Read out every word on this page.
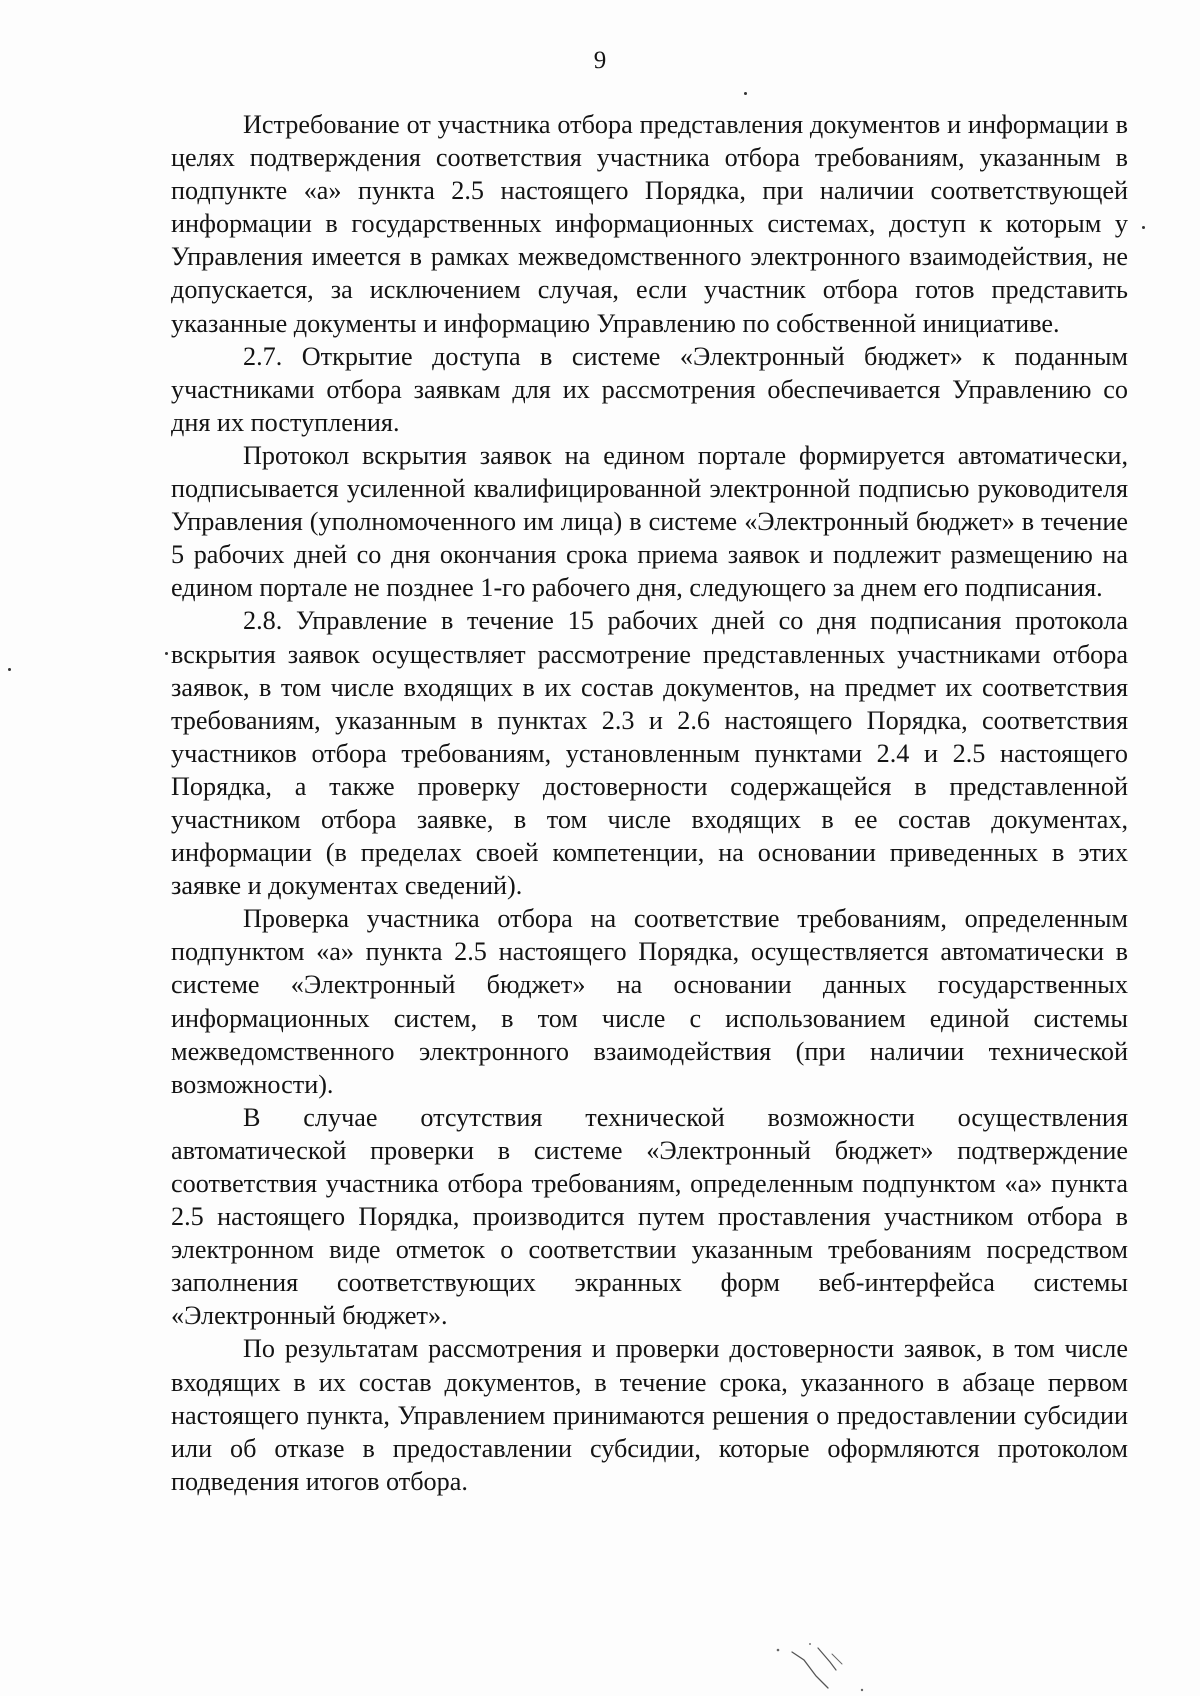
9

Истребование от участника отбора представления документов и информации в целях подтверждения соответствия участника отбора требованиям, указанным в подпункте «а» пункта 2.5 настоящего Порядка, при наличии соответствующей информации в государственных информационных системах, доступ к которым у Управления имеется в рамках межведомственного электронного взаимодействия, не допускается, за исключением случая, если участник отбора готов представить указанные документы и информацию Управлению по собственной инициативе.

2.7. Открытие доступа в системе «Электронный бюджет» к поданным участниками отбора заявкам для их рассмотрения обеспечивается Управлению со дня их поступления.

Протокол вскрытия заявок на едином портале формируется автоматически, подписывается усиленной квалифицированной электронной подписью руководителя Управления (уполномоченного им лица) в системе «Электронный бюджет» в течение 5 рабочих дней со дня окончания срока приема заявок и подлежит размещению на едином портале не позднее 1-го рабочего дня, следующего за днем его подписания.

2.8. Управление в течение 15 рабочих дней со дня подписания протокола вскрытия заявок осуществляет рассмотрение представленных участниками отбора заявок, в том числе входящих в их состав документов, на предмет их соответствия требованиям, указанным в пунктах 2.3 и 2.6 настоящего Порядка, соответствия участников отбора требованиям, установленным пунктами 2.4 и 2.5 настоящего Порядка, а также проверку достоверности содержащейся в представленной участником отбора заявке, в том числе входящих в ее состав документах, информации (в пределах своей компетенции, на основании приведенных в этих заявке и документах сведений).

Проверка участника отбора на соответствие требованиям, определенным подпунктом «а» пункта 2.5 настоящего Порядка, осуществляется автоматически в системе «Электронный бюджет» на основании данных государственных информационных систем, в том числе с использованием единой системы межведомственного электронного взаимодействия (при наличии технической возможности).

В случае отсутствия технической возможности осуществления автоматической проверки в системе «Электронный бюджет» подтверждение соответствия участника отбора требованиям, определенным подпунктом «а» пункта 2.5 настоящего Порядка, производится путем проставления участником отбора в электронном виде отметок о соответствии указанным требованиям посредством заполнения соответствующих экранных форм веб-интерфейса системы «Электронный бюджет».

По результатам рассмотрения и проверки достоверности заявок, в том числе входящих в их состав документов, в течение срока, указанного в абзаце первом настоящего пункта, Управлением принимаются решения о предоставлении субсидии или об отказе в предоставлении субсидии, которые оформляются протоколом подведения итогов отбора.
